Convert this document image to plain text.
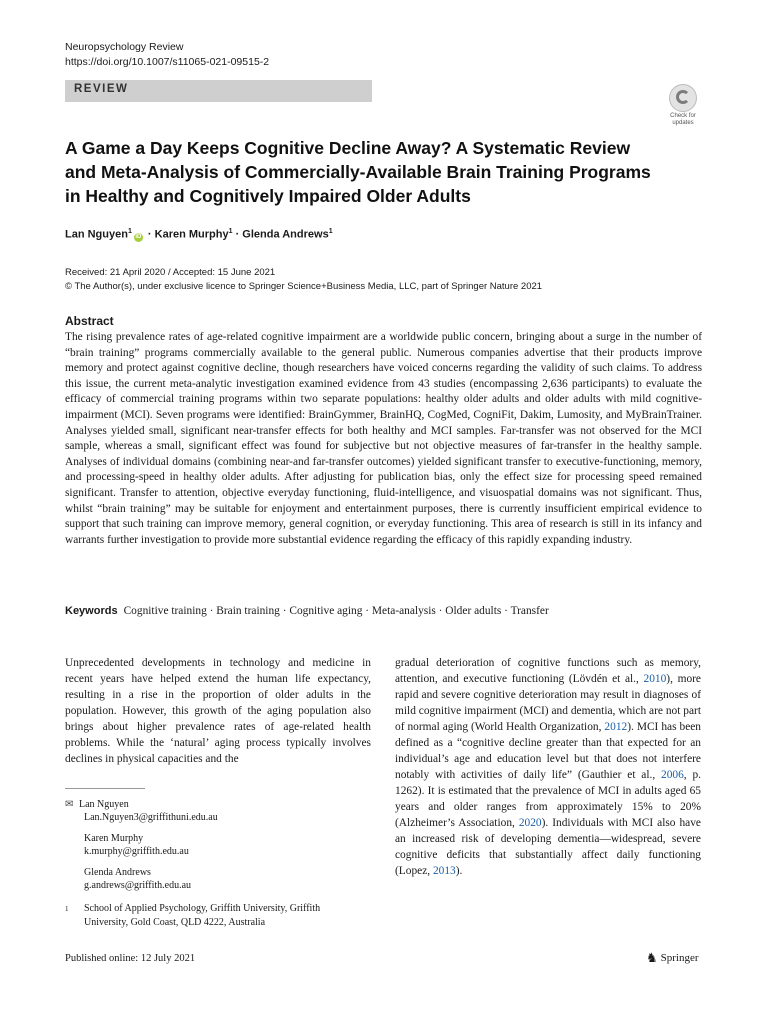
Neuropsychology Review
https://doi.org/10.1007/s11065-021-09515-2
REVIEW
Check for
updates
A Game a Day Keeps Cognitive Decline Away? A Systematic Review and Meta-Analysis of Commercially-Available Brain Training Programs in Healthy and Cognitively Impaired Older Adults
Lan Nguyen$^1$iD · Karen Murphy$^1$ · Glenda Andrews$^1$
Received: 21 April 2020 / Accepted: 15 June 2021
© The Author(s), under exclusive licence to Springer Science+Business Media, LLC, part of Springer Nature 2021
Abstract

The rising prevalence rates of age-related cognitive impairment are a worldwide public concern, bringing about a surge in the number of “brain training” programs commercially available to the general public. Numerous companies advertise that their products improve memory and protect against cognitive decline, though researchers have voiced concerns regarding the validity of such claims. To address this issue, the current meta-analytic investigation examined evidence from 43 studies (encompassing 2,636 participants) to evaluate the efficacy of commercial training programs within two separate populations: healthy older adults and older adults with mild cognitive-impairment (MCI). Seven programs were identified: BrainGymmer, BrainHQ, CogMed, CogniFit, Dakim, Lumosity, and MyBrainTrainer. Analyses yielded small, significant near-transfer effects for both healthy and MCI samples. Far-transfer was not observed for the MCI sample, whereas a small, significant effect was found for subjective but not objective measures of far-transfer in the healthy sample. Analyses of individual domains (combining near-and far-transfer outcomes) yielded significant transfer to executive-functioning, memory, and processing-speed in healthy older adults. After adjusting for publication bias, only the effect size for processing speed remained significant. Transfer to attention, objective everyday functioning, fluid-intelligence, and visuospatial domains was not significant. Thus, whilst “brain training” may be suitable for enjoyment and entertainment purposes, there is currently insufficient empirical evidence to support that such training can improve memory, general cognition, or everyday functioning. This area of research is still in its infancy and warrants further investigation to provide more substantial evidence regarding the efficacy of this rapidly expanding industry.

Keywords Cognitive training · Brain training · Cognitive aging · Meta-analysis · Older adults · Transfer

Unprecedented developments in technology and medicine in recent years have helped extend the human life expectancy, resulting in a rise in the proportion of older adults in the population. However, this growth of the aging population also brings about higher prevalence rates of age-related health problems. While the ‘natural’ aging process typically involves declines in physical capacities and the

gradual deterioration of cognitive functions such as memory, attention, and executive functioning (Lövdén et al., 2010), more rapid and severe cognitive deterioration may result in diagnoses of mild cognitive impairment (MCI) and dementia, which are not part of normal aging (World Health Organization, 2012). MCI has been defined as a “cognitive decline greater than that expected for an individual’s age and education level but that does not interfere notably with activities of daily life” (Gauthier et al., 2006, p. 1262). It is estimated that the prevalence of MCI in adults aged 65 years and older ranges from approximately 15% to 20% (Alzheimer’s Association, 2020). Individuals with MCI also have an increased risk of developing dementia—widespread, severe cognitive deficits that substantially affect daily functioning (Lopez, 2013).

✉ Lan Nguyen
Lan.Nguyen3@griffithuni.edu.au
Karen Murphy
k.murphy@griffith.edu.au
Glenda Andrews
g.andrews@griffith.edu.au
1	School of Applied Psychology, Griffith University, Griffith University, Gold Coast, QLD 4222, Australia
Published online: 12 July 2021	♞ Springer
